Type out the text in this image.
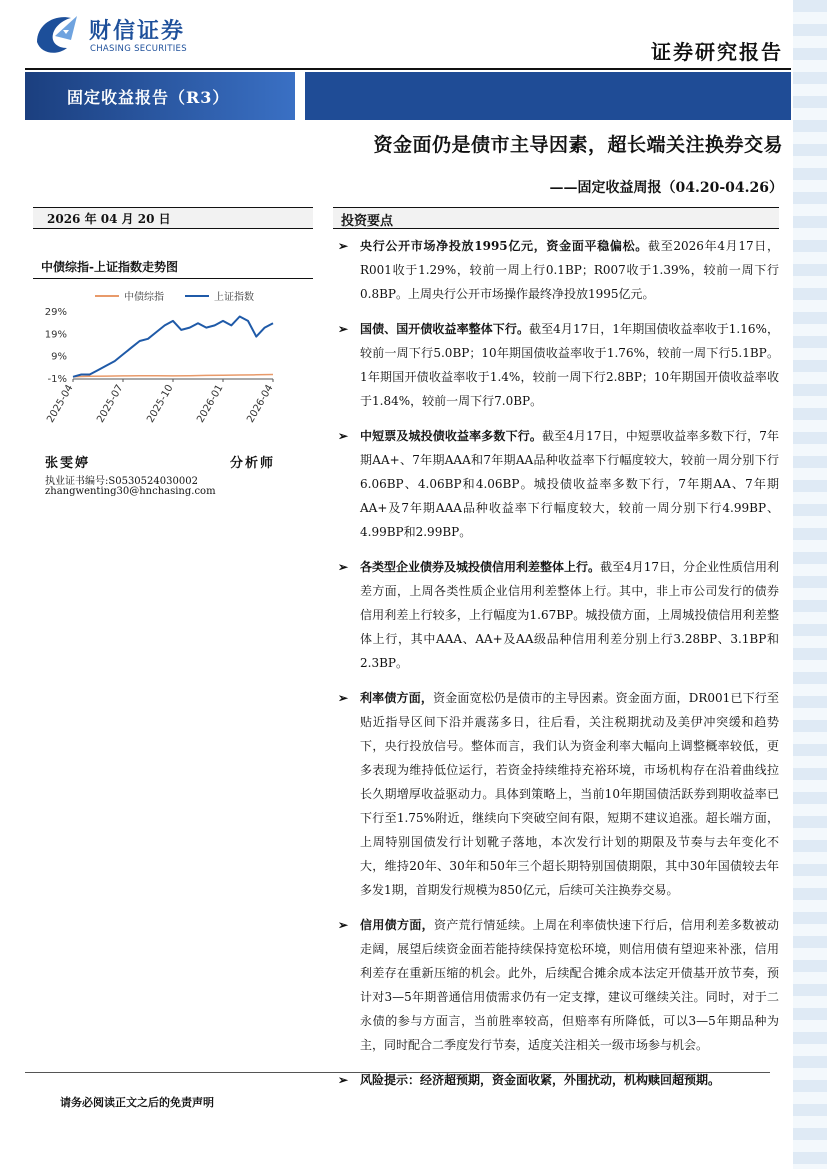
财信证券
CHASING SECURITIES	证券研究报告
固定收益报告（R3）
资金面仍是债市主导因素，超长端关注换券交易
——固定收益周报（04.20-04.26）
2026 年 04 月 20 日	投资要点
中债综指-上证指数走势图
中债综指	上证指数
29%
19%
9%
-1%
2025-04 2025-07 2025-10 2026-01 2026-04
张雯婷	分析师
执业证书编号:S0530524030002
zhangwenting30@hnchasing.com
➢ 央行公开市场净投放1995亿元，资金面平稳偏松。截至2026年4月17日，R001收于1.29%，较前一周上行0.1BP；R007收于1.39%，较前一周下行0.8BP。上周央行公开市场操作最终净投放1995亿元。
➢ 国债、国开债收益率整体下行。截至4月17日，1年期国债收益率收于1.16%，较前一周下行5.0BP；10年期国债收益率收于1.76%，较前一周下行5.1BP。1年期国开债收益率收于1.4%，较前一周下行2.8BP；10年期国开债收益率收于1.84%，较前一周下行7.0BP。
➢ 中短票及城投债收益率多数下行。截至4月17日，中短票收益率多数下行，7年期AA+、7年期AAA和7年期AA品种收益率下行幅度较大，较前一周分别下行6.06BP、4.06BP和4.06BP。城投债收益率多数下行，7年期AA、7年期AA+及7年期AAA品种收益率下行幅度较大，较前一周分别下行4.99BP、4.99BP和2.99BP。
➢ 各类型企业债券及城投债信用利差整体上行。截至4月17日，分企业性质信用利差方面，上周各类性质企业信用利差整体上行。其中，非上市公司发行的债券信用利差上行较多，上行幅度为1.67BP。城投债方面，上周城投债信用利差整体上行，其中AAA、AA+及AA级品种信用利差分别上行3.28BP、3.1BP和2.3BP。
➢ 利率债方面，资金面宽松仍是债市的主导因素。资金面方面，DR001已下行至贴近指导区间下沿并震荡多日，往后看，关注税期扰动及美伊冲突缓和趋势下，央行投放信号。整体而言，我们认为资金利率大幅向上调整概率较低，更多表现为维持低位运行，若资金持续维持充裕环境，市场机构存在沿着曲线拉长久期增厚收益驱动力。具体到策略上，当前10年期国债活跃券到期收益率已下行至1.75%附近，继续向下突破空间有限，短期不建议追涨。超长端方面，上周特别国债发行计划靴子落地，本次发行计划的期限及节奏与去年变化不大，维持20年、30年和50年三个超长期特别国债期限，其中30年国债较去年多发1期，首期发行规模为850亿元，后续可关注换券交易。
➢ 信用债方面，资产荒行情延续。上周在利率债快速下行后，信用利差多数被动走阔，展望后续资金面若能持续保持宽松环境，则信用债有望迎来补涨，信用利差存在重新压缩的机会。此外，后续配合摊余成本法定开债基开放节奏，预计对3—5年期普通信用债需求仍有一定支撑，建议可继续关注。同时，对于二永债的参与方面言，当前胜率较高，但赔率有所降低，可以3—5年期品种为主，同时配合二季度发行节奏，适度关注相关一级市场参与机会。
➢ 风险提示：经济超预期，资金面收紧，外围扰动，机构赎回超预期。
请务必阅读正文之后的免责声明
